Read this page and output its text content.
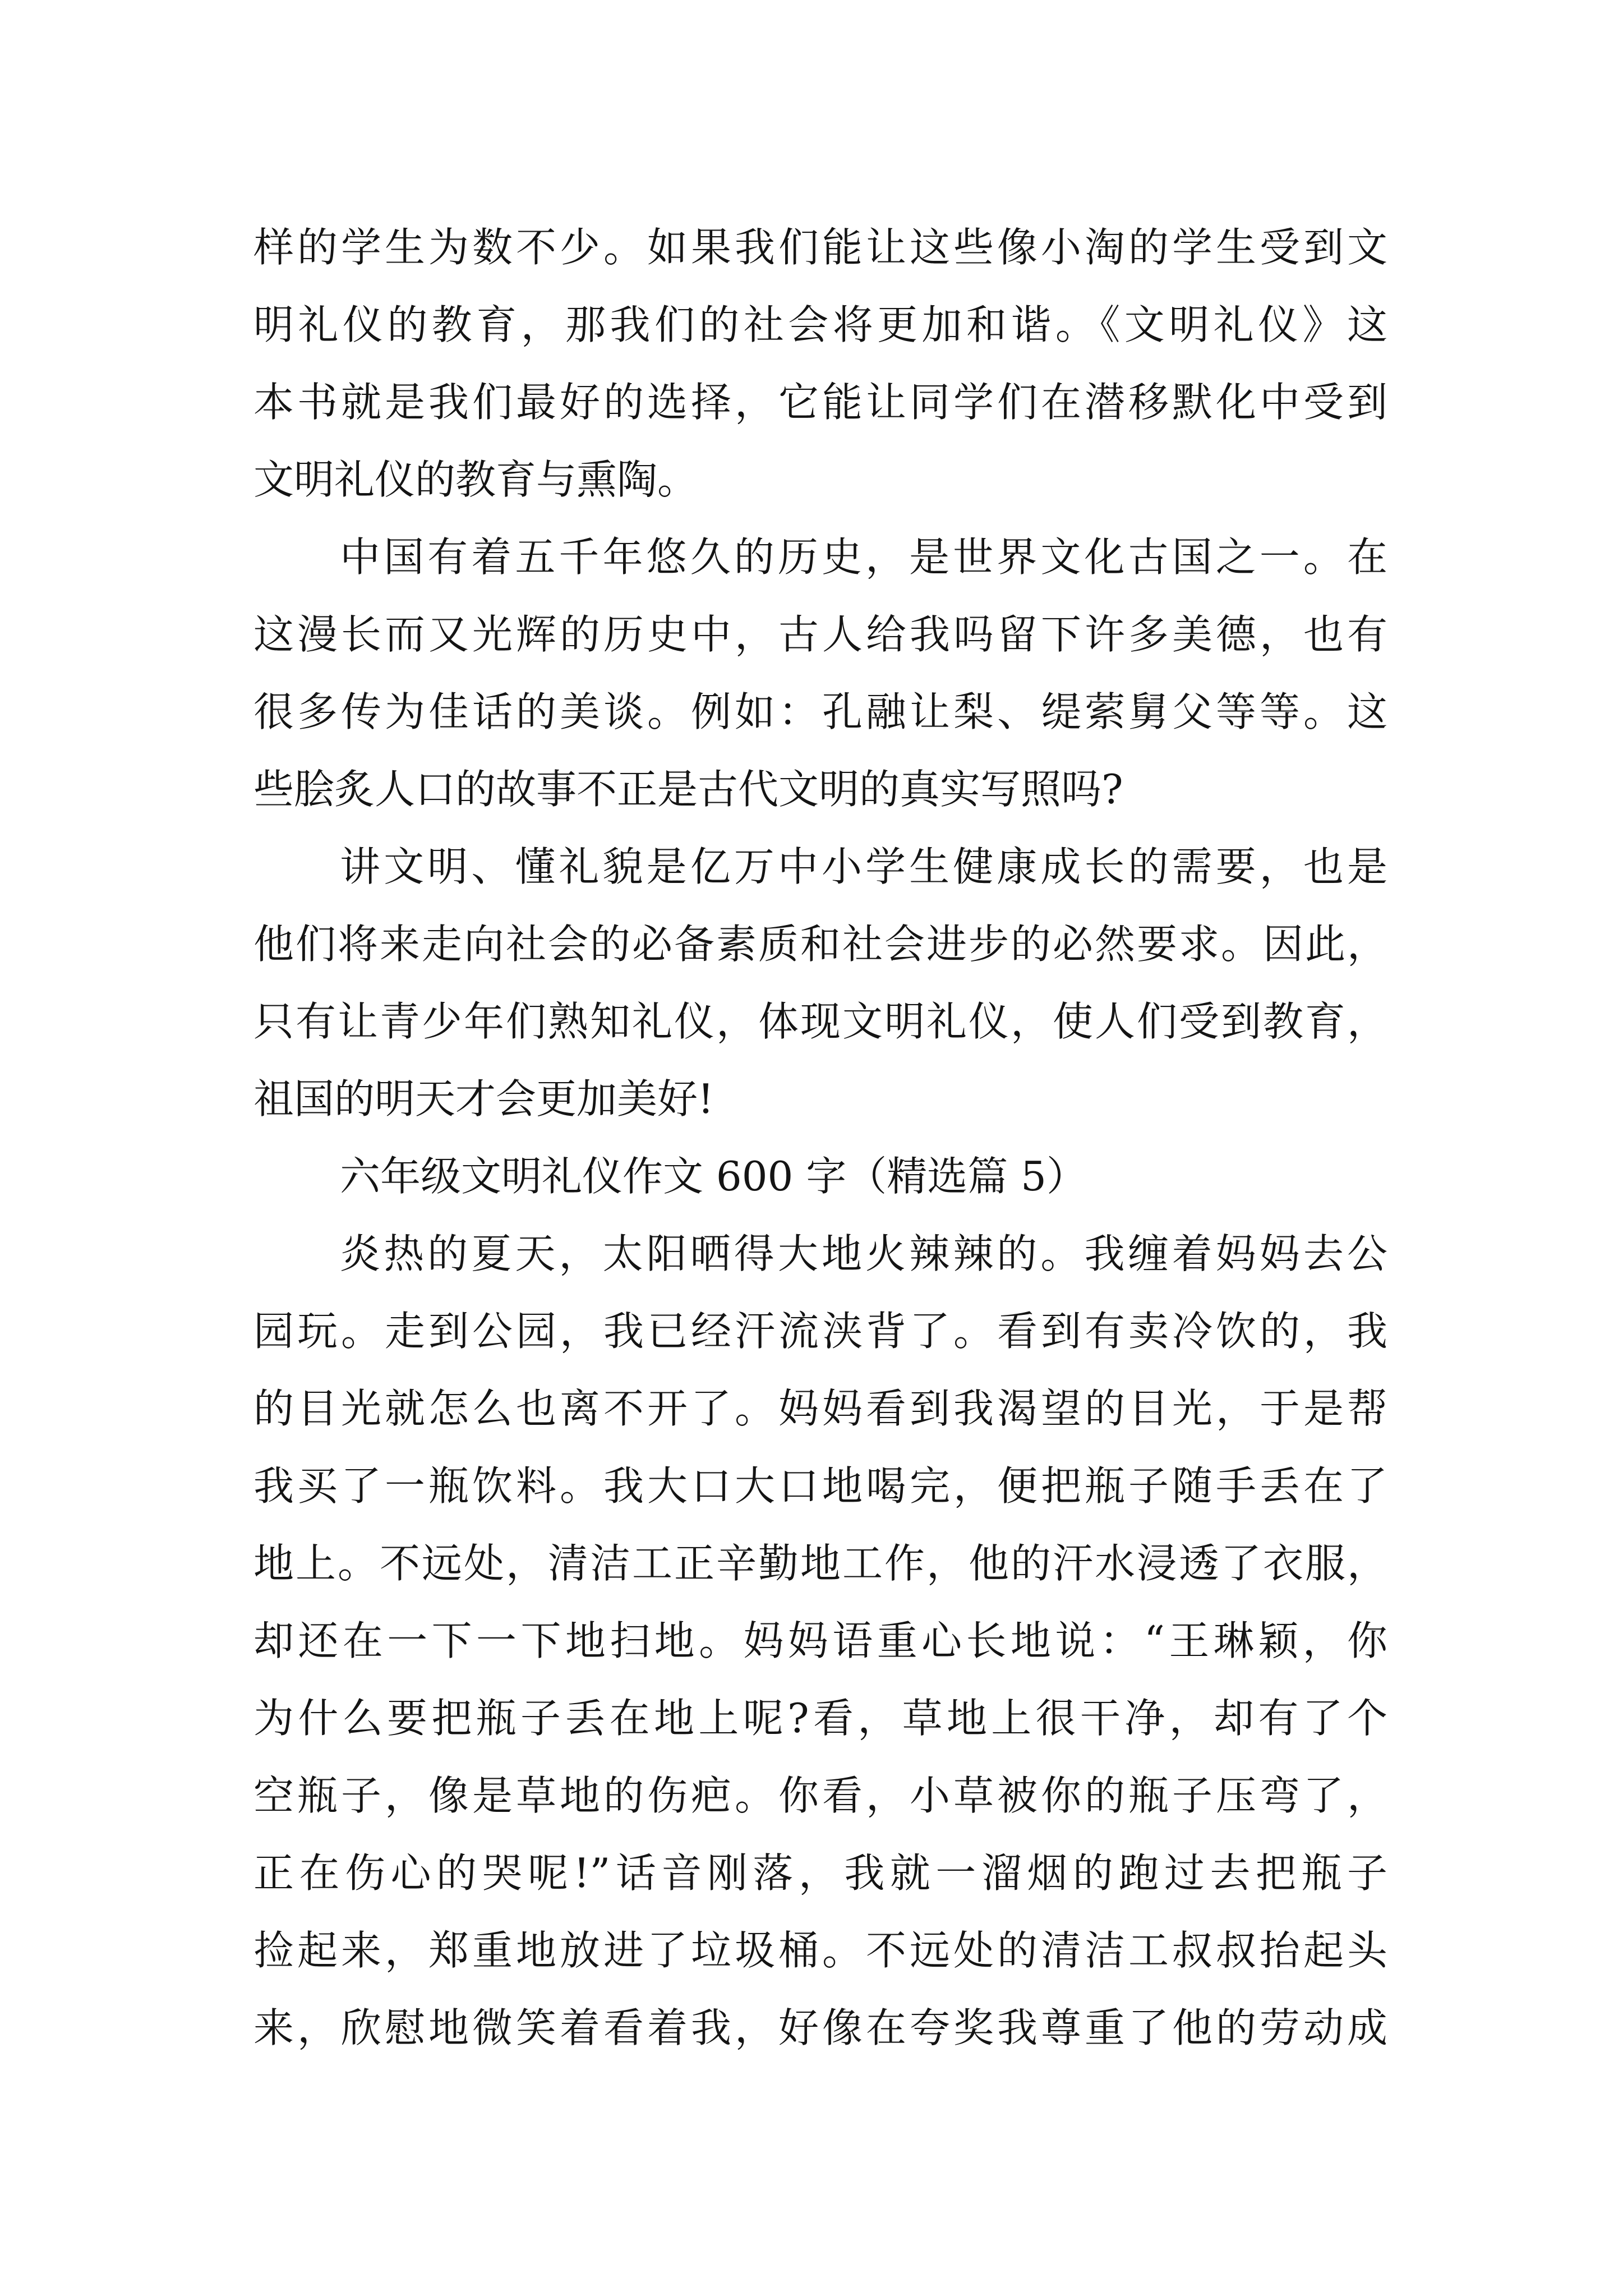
样的学生为数不少。如果我们能让这些像小淘的学生受到文
明礼仪的教育，那我们的社会将更加和谐。《文明礼仪》这
本书就是我们最好的选择，它能让同学们在潜移默化中受到
文明礼仪的教育与熏陶。
中国有着五千年悠久的历史，是世界文化古国之一。在
这漫长而又光辉的历史中，古人给我吗留下许多美德，也有
很多传为佳话的美谈。例如：孔融让梨、缇萦舅父等等。这
些脍炙人口的故事不正是古代文明的真实写照吗?
讲文明、懂礼貌是亿万中小学生健康成长的需要，也是
他们将来走向社会的必备素质和社会进步的必然要求。因此，
只有让青少年们熟知礼仪，体现文明礼仪，使人们受到教育，
祖国的明天才会更加美好!
六年级文明礼仪作文 600 字（精选篇 5）
炎热的夏天，太阳晒得大地火辣辣的。我缠着妈妈去公
园玩。走到公园，我已经汗流浃背了。看到有卖冷饮的，我
的目光就怎么也离不开了。妈妈看到我渴望的目光，于是帮
我买了一瓶饮料。我大口大口地喝完，便把瓶子随手丢在了
地上。不远处，清洁工正辛勤地工作，他的汗水浸透了衣服，
却还在一下一下地扫地。妈妈语重心长地说：“王琳颖，你
为什么要把瓶子丢在地上呢?看，草地上很干净，却有了个
空瓶子，像是草地的伤疤。你看，小草被你的瓶子压弯了，
正在伤心的哭呢!”话音刚落，我就一溜烟的跑过去把瓶子
捡起来，郑重地放进了垃圾桶。不远处的清洁工叔叔抬起头
来，欣慰地微笑着看着我，好像在夸奖我尊重了他的劳动成
